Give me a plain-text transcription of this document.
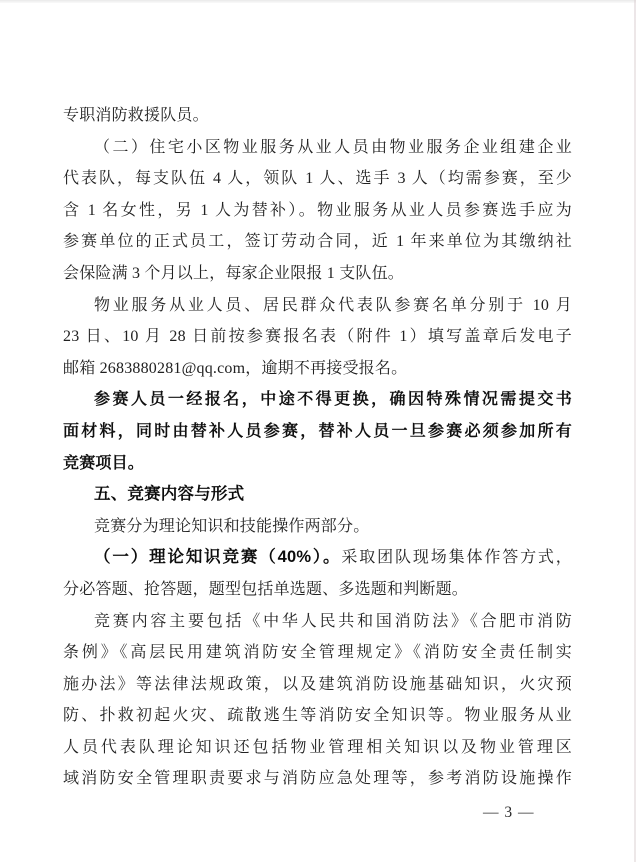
专职消防救援队员。
（二）住宅小区物业服务从业人员由物业服务企业组建企业
代表队，每支队伍 4 人，领队 1 人、选手 3 人（均需参赛，至少
含 1 名女性，另 1 人为替补）。物业服务从业人员参赛选手应为
参赛单位的正式员工，签订劳动合同，近 1 年来单位为其缴纳社
会保险满 3 个月以上，每家企业限报 1 支队伍。
物业服务从业人员、居民群众代表队参赛名单分别于 10 月
23 日、10 月 28 日前按参赛报名表（附件 1）填写盖章后发电子
邮箱 2683880281@qq.com，逾期不再接受报名。
参赛人员一经报名，中途不得更换，确因特殊情况需提交书
面材料，同时由替补人员参赛，替补人员一旦参赛必须参加所有
竞赛项目。
五、竞赛内容与形式
竞赛分为理论知识和技能操作两部分。
（一）理论知识竞赛（40%）。采取团队现场集体作答方式，
分必答题、抢答题，题型包括单选题、多选题和判断题。
竞赛内容主要包括《中华人民共和国消防法》《合肥市消防
条例》《高层民用建筑消防安全管理规定》《消防安全责任制实
施办法》等法律法规政策，以及建筑消防设施基础知识，火灾预
防、扑救初起火灾、疏散逃生等消防安全知识等。物业服务从业
人员代表队理论知识还包括物业管理相关知识以及物业管理区
域消防安全管理职责要求与消防应急处理等，参考消防设施操作
— 3 —
